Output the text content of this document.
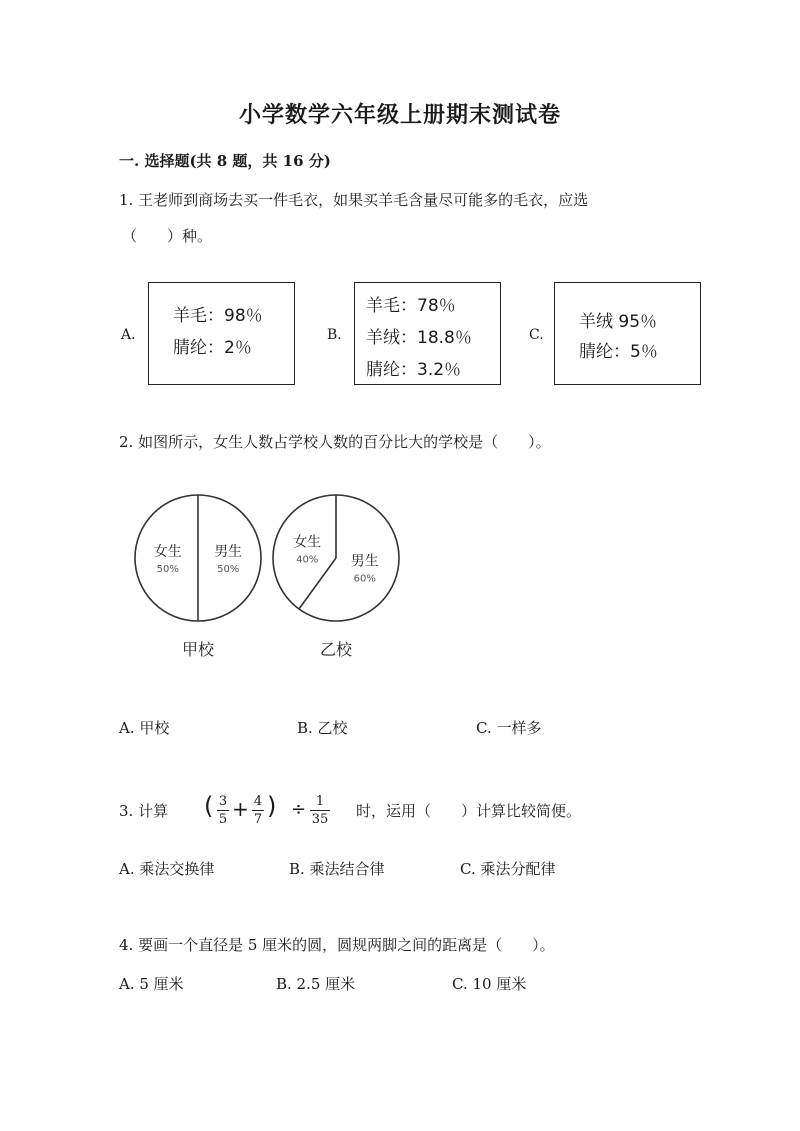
小学数学六年级上册期末测试卷
一. 选择题(共 8 题，共 16 分)
1. 王老师到商场去买一件毛衣，如果买羊毛含量尽可能多的毛衣，应选
（　　）种。
A.
羊毛：98％
腈纶：2％
B.
羊毛：78％
羊绒：18.8％
腈纶：3.2％
C.
羊绒 95％
腈纶：5％
2. 如图所示，女生人数占学校人数的百分比大的学校是（　　）。
女生
50%
男生
50%
甲校
女生
40% 男生
60%
乙校
A. 甲校	B. 乙校	C. 一样多
3. 计算 ( 3
5 + 4
7 ) ÷ 1
35 时，运用（　　）计算比较简便。
A. 乘法交换律	B. 乘法结合律	C. 乘法分配律
4. 要画一个直径是 5 厘米的圆，圆规两脚之间的距离是（　　）。
A. 5 厘米	B. 2.5 厘米	C. 10 厘米
